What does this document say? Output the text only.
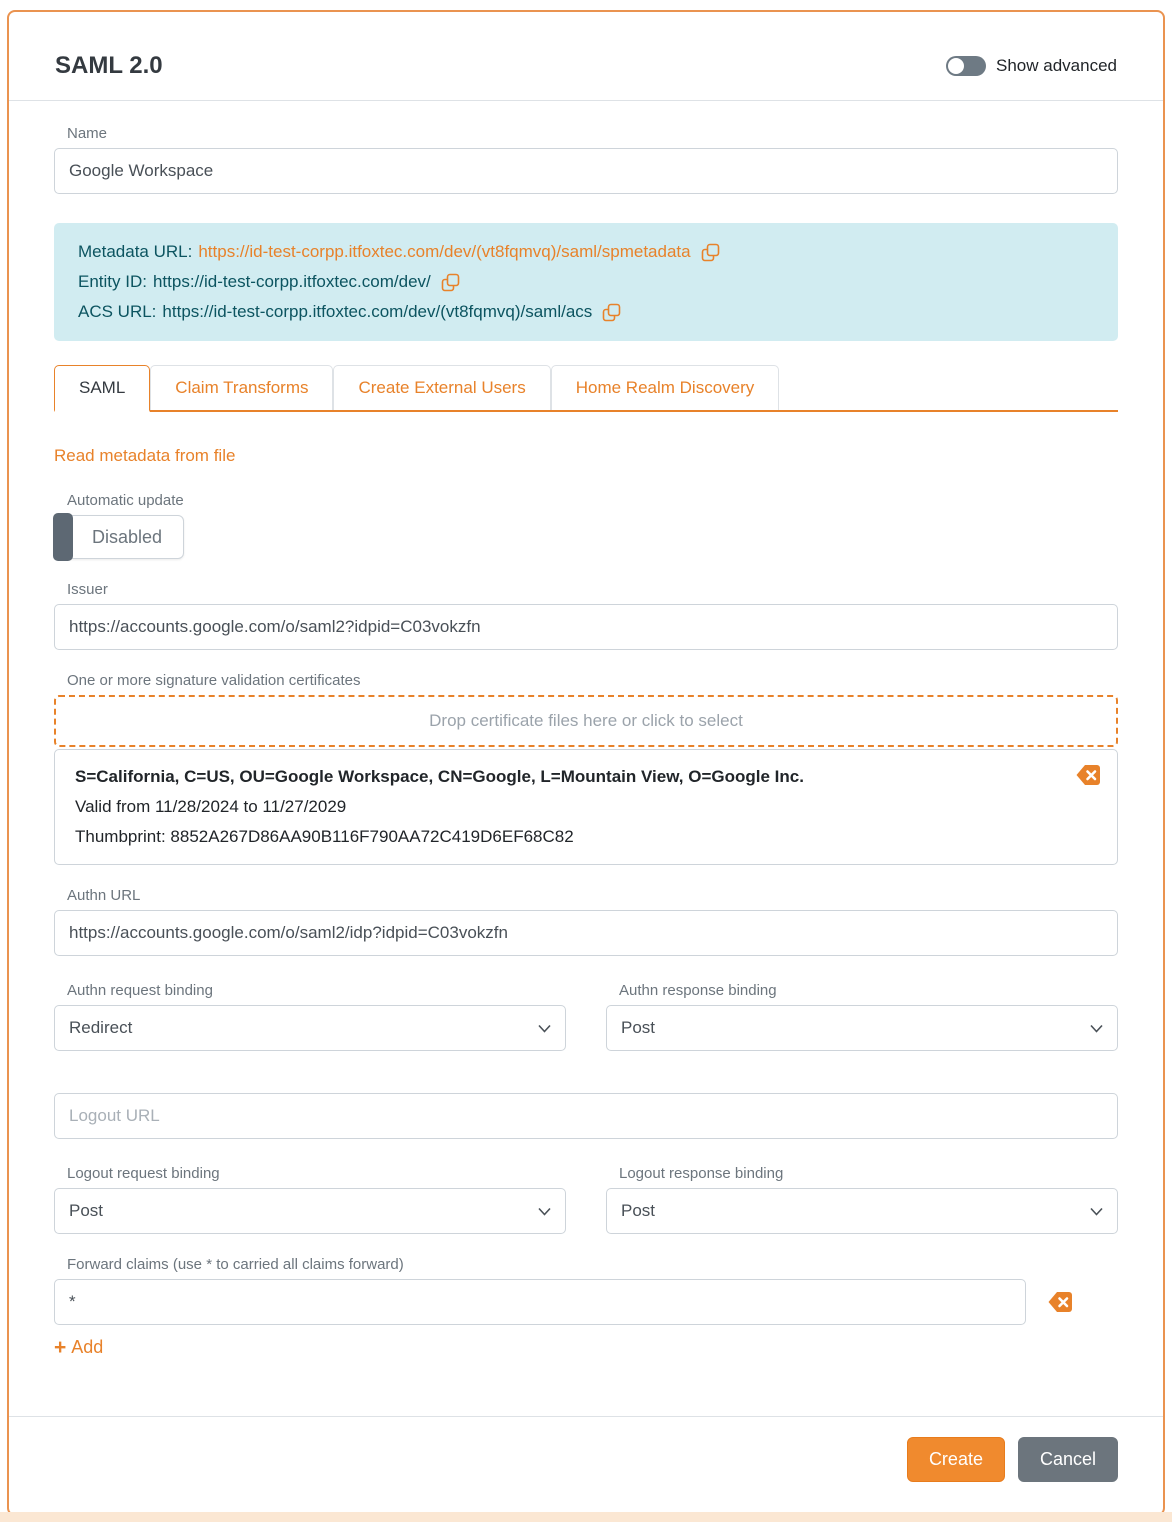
SAML 2.0	Show advanced
Name
Google Workspace
Metadata URL: https://id-test-corpp.itfoxtec.com/dev/(vt8fqmvq)/saml/spmetadata
Entity ID: https://id-test-corpp.itfoxtec.com/dev/
ACS URL: https://id-test-corpp.itfoxtec.com/dev/(vt8fqmvq)/saml/acs
SAML	Claim Transforms	Create External Users	Home Realm Discovery
Read metadata from file
Automatic update
Disabled
Issuer
https://accounts.google.com/o/saml2?idpid=C03vokzfn
One or more signature validation certificates
Drop certificate files here or click to select
S=California, C=US, OU=Google Workspace, CN=Google, L=Mountain View, O=Google Inc.
Valid from 11/28/2024 to 11/27/2029
Thumbprint: 8852A267D86AA90B116F790AA72C419D6EF68C82
Authn URL
https://accounts.google.com/o/saml2/idp?idpid=C03vokzfn
Authn request binding
Redirect
Authn response binding
Post
Logout URL
Logout request binding
Post
Logout response binding
Post
Forward claims (use * to carried all claims forward)
*
+ Add
Create	Cancel
